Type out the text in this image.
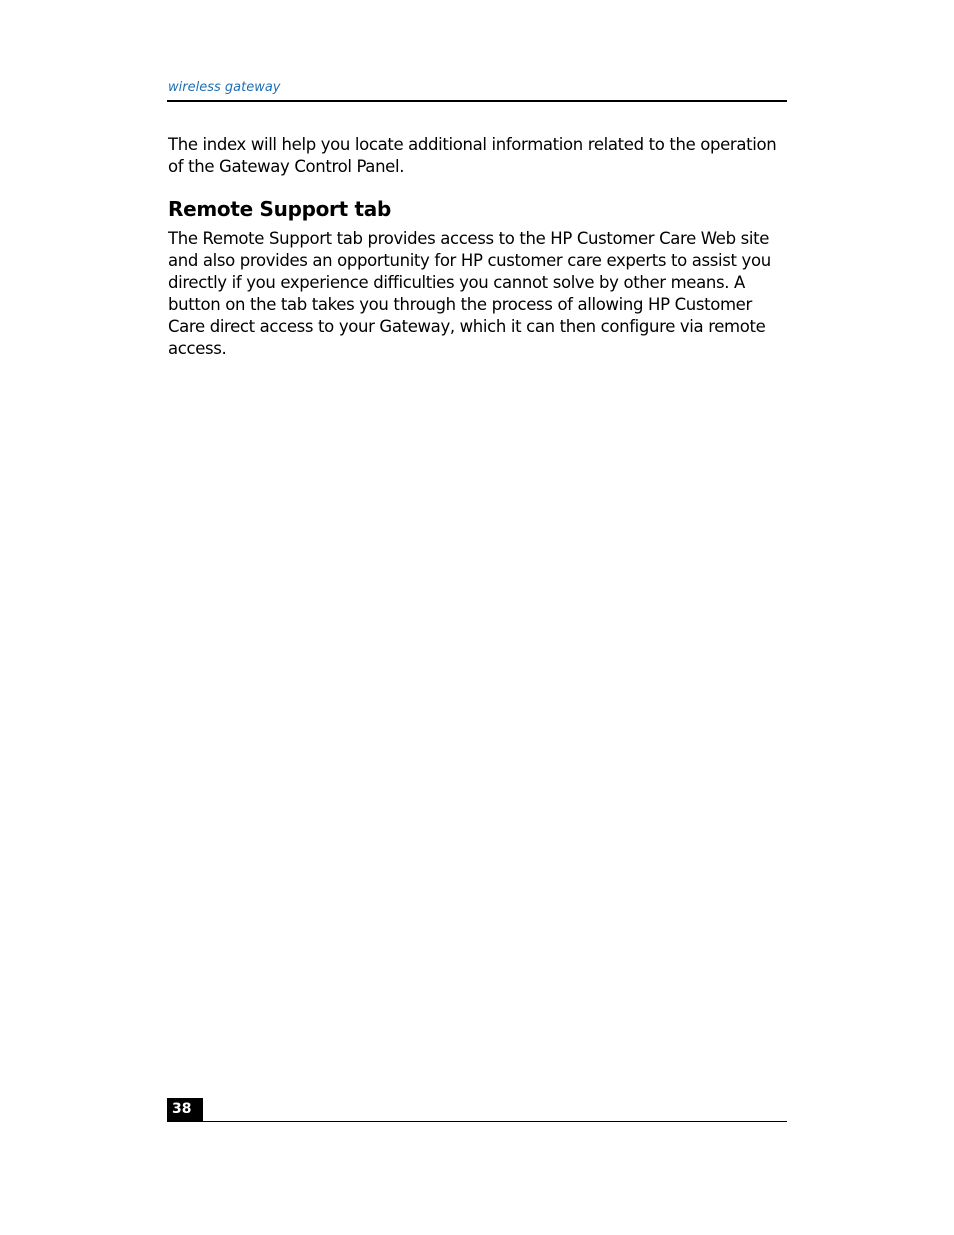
wireless gateway

The index will help you locate additional information related to the operation of the Gateway Control Panel.

Remote Support tab

The Remote Support tab provides access to the HP Customer Care Web site and also provides an opportunity for HP customer care experts to assist you directly if you experience difficulties you cannot solve by other means. A button on the tab takes you through the process of allowing HP Customer Care direct access to your Gateway, which it can then configure via remote access.

38
